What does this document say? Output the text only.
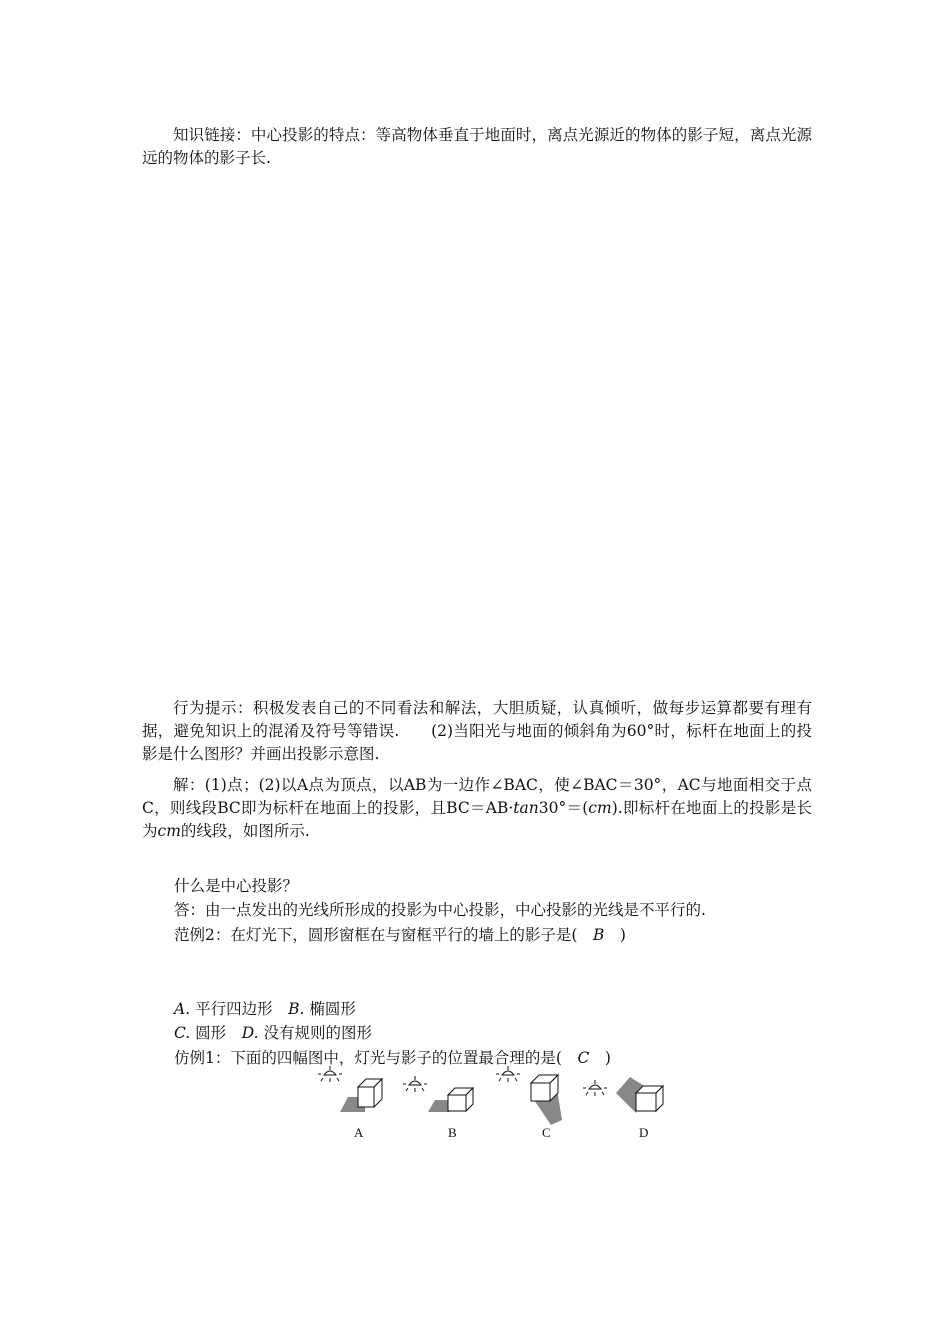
知识链接：中心投影的特点：等高物体垂直于地面时，离点光源近的物体的影子短，离点光源远的物体的影子长.

行为提示：积极发表自己的不同看法和解法，大胆质疑，认真倾听，做每步运算都要有理有据，避免知识上的混淆及符号等错误.　　(2)当阳光与地面的倾斜角为60°时，标杆在地面上的投影是什么图形？并画出投影示意图.

解：(1)点；(2)以A点为顶点，以AB为一边作∠BAC，使∠BAC＝30°，AC与地面相交于点C，则线段BC即为标杆在地面上的投影，且BC＝AB·tan30°＝(cm).即标杆在地面上的投影是长为cm的线段，如图所示.

什么是中心投影？

答：由一点发出的光线所形成的投影为中心投影，中心投影的光线是不平行的.

范例2：在灯光下，圆形窗框在与窗框平行的墙上的影子是(　 B　 )

A. 平行四边形　 B. 椭圆形

C. 圆形　 D. 没有规则的图形

仿例1：下面的四幅图中，灯光与影子的位置最合理的是(　 C　 )

A	B	C	D
